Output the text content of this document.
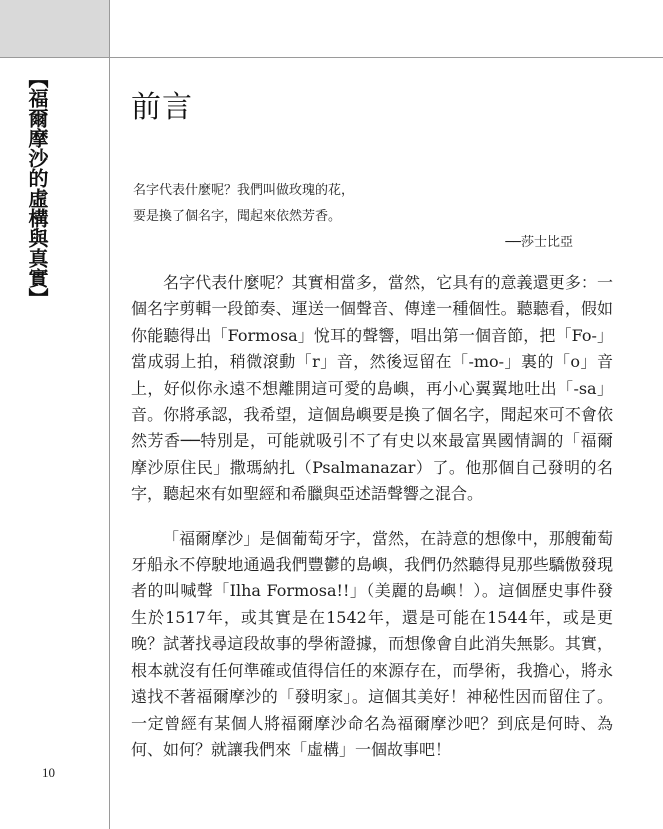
【福爾摩沙的虛構與真實】
10
前言
名字代表什麼呢？我們叫做玫瑰的花，
要是換了個名字，聞起來依然芳香。
──莎士比亞

名字代表什麼呢？其實相當多，當然，它具有的意義還更多：一個名字剪輯一段節奏、運送一個聲音、傳達一種個性。聽聽看，假如你能聽得出「Formosa」悅耳的聲響，唱出第一個音節，把「Fo-」當成弱上拍，稍微滾動「r」音，然後逗留在「-mo-」裏的「o」音上，好似你永遠不想離開這可愛的島嶼，再小心翼翼地吐出「-sa」音。你將承認，我希望，這個島嶼要是換了個名字，聞起來可不會依然芳香──特別是，可能就吸引不了有史以來最富異國情調的「福爾摩沙原住民」撒瑪納扎（Psalmanazar）了。他那個自己發明的名字，聽起來有如聖經和希臘與亞述語聲響之混合。

「福爾摩沙」是個葡萄牙字，當然，在詩意的想像中，那艘葡萄牙船永不停駛地通過我們豐鬱的島嶼，我們仍然聽得見那些驕傲發現者的叫喊聲「Ilha Formosa!!」（美麗的島嶼！）。這個歷史事件發生於1517年，或其實是在1542年，還是可能在1544年，或是更晚？試著找尋這段故事的學術證據，而想像會自此消失無影。其實，根本就沒有任何準確或值得信任的來源存在，而學術，我擔心，將永遠找不著福爾摩沙的「發明家」。這個其美好！神秘性因而留住了。 一定曾經有某個人將福爾摩沙命名為福爾摩沙吧？到底是何時、為何、如何？就讓我們來「虛構」一個故事吧！
